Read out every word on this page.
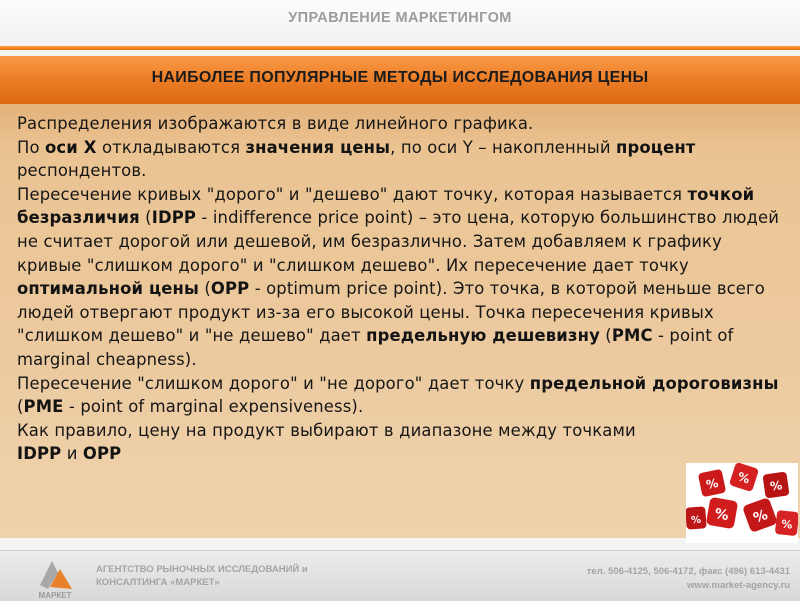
УПРАВЛЕНИЕ МАРКЕТИНГОМ
НАИБОЛЕЕ ПОПУЛЯРНЫЕ МЕТОДЫ ИССЛЕДОВАНИЯ ЦЕНЫ
Распределения изображаются в виде линейного графика.
По оси X откладываются значения цены, по оси Y – накопленный процент респондентов.
Пересечение кривых "дорого" и "дешево" дают точку, которая называется точкой безразличия (IDPP - indifference price point) – это цена, которую большинство людей не считает дорогой или дешевой, им безразлично. Затем добавляем к графику кривые "слишком дорого" и "слишком дешево". Их пересечение дает точку оптимальной цены (OPP - optimum price point). Это точка, в которой меньше всего людей отвергают продукт из-за его высокой цены. Точка пересечения кривых "слишком дешево" и "не дешево" дает предельную дешевизну (PMC - point of marginal cheapness).
Пересечение "слишком дорого" и "не дорого" дает точку предельной дороговизны (PME - point of marginal expensiveness).
Как правило, цену на продукт выбирают в диапазоне между точками IDPP и OPP
% % %
% % %
%
МАРКЕТ
АГЕНТСТВО РЫНОЧНЫХ ИССЛЕДОВАНИЙ и
КОНСАЛТИНГА «МАРКЕТ»
тел. 506-4125, 506-4172, факс (496) 613-4431
www.market-agency.ru
